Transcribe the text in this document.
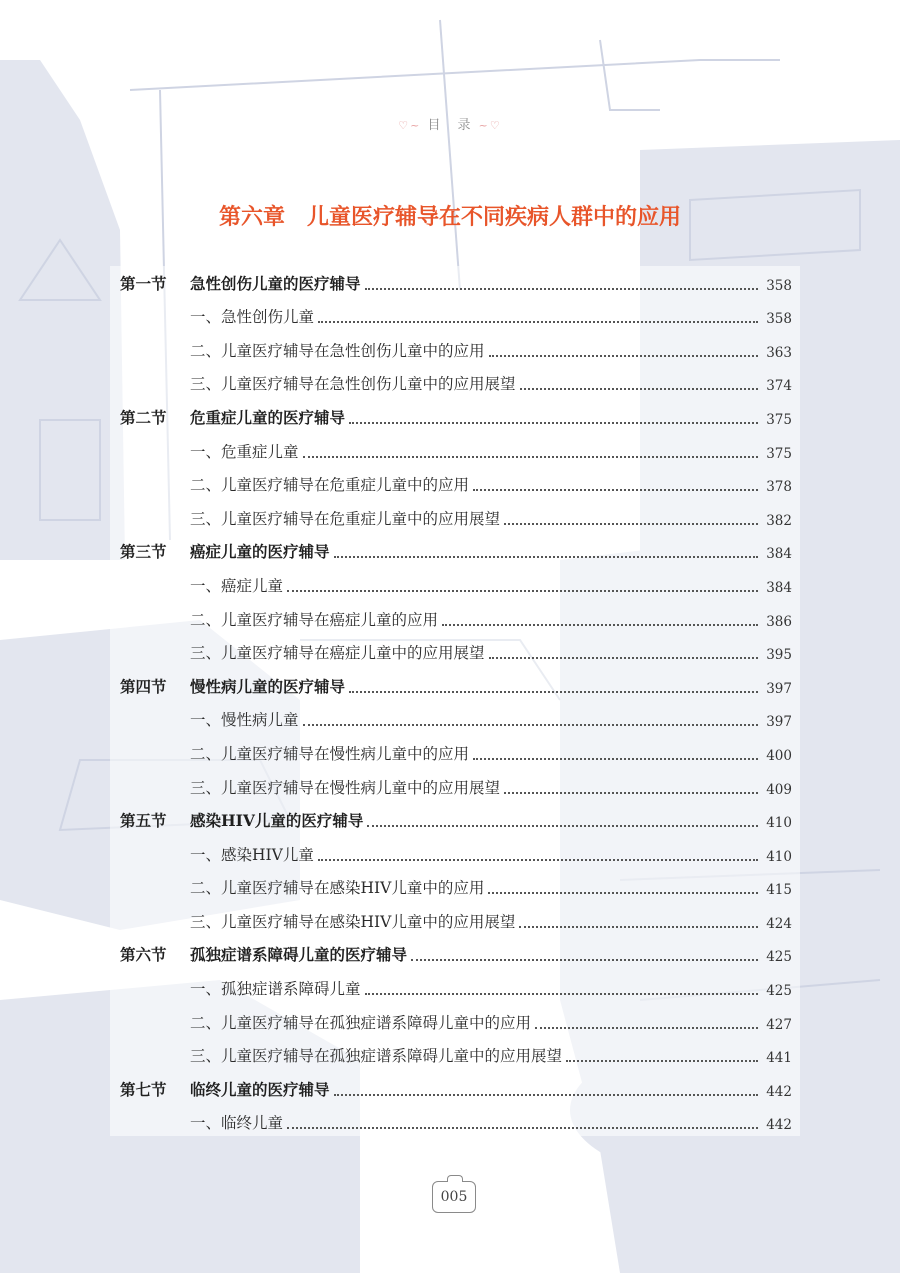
♡~ 目　录 ~♡
第六章　儿童医疗辅导在不同疾病人群中的应用
第一节	急性创伤儿童的医疗辅导	358
一、急性创伤儿童	358
二、儿童医疗辅导在急性创伤儿童中的应用	363
三、儿童医疗辅导在急性创伤儿童中的应用展望	374
第二节	危重症儿童的医疗辅导	375
一、危重症儿童	375
二、儿童医疗辅导在危重症儿童中的应用	378
三、儿童医疗辅导在危重症儿童中的应用展望	382
第三节	癌症儿童的医疗辅导	384
一、癌症儿童	384
二、儿童医疗辅导在癌症儿童的应用	386
三、儿童医疗辅导在癌症儿童中的应用展望	395
第四节	慢性病儿童的医疗辅导	397
一、慢性病儿童	397
二、儿童医疗辅导在慢性病儿童中的应用	400
三、儿童医疗辅导在慢性病儿童中的应用展望	409
第五节	感染HIV儿童的医疗辅导	410
一、感染HIV儿童	410
二、儿童医疗辅导在感染HIV儿童中的应用	415
三、儿童医疗辅导在感染HIV儿童中的应用展望	424
第六节	孤独症谱系障碍儿童的医疗辅导	425
一、孤独症谱系障碍儿童	425
二、儿童医疗辅导在孤独症谱系障碍儿童中的应用	427
三、儿童医疗辅导在孤独症谱系障碍儿童中的应用展望	441
第七节	临终儿童的医疗辅导	442
一、临终儿童	442
005
